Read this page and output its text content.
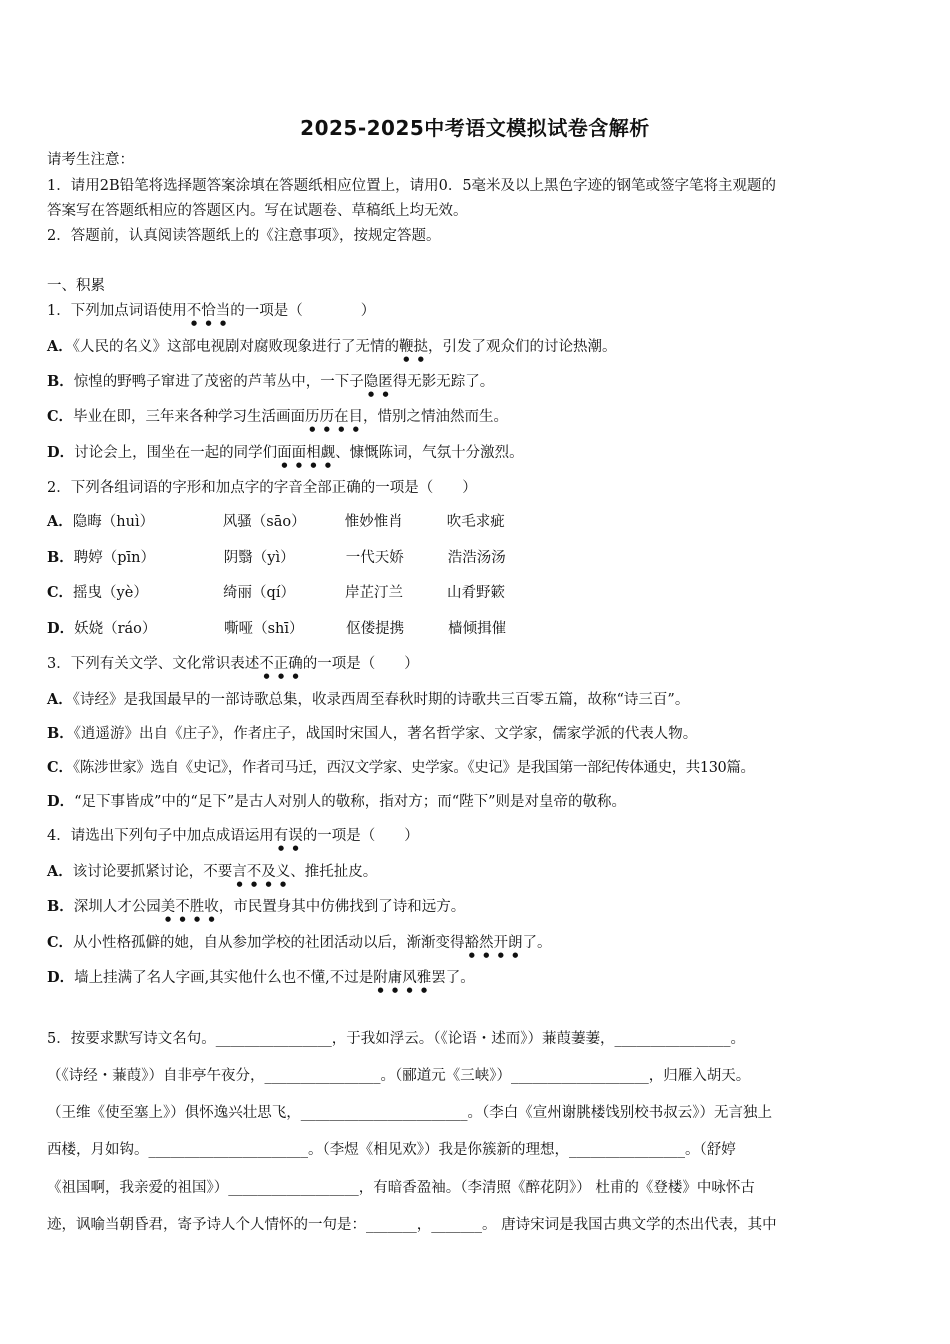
2025-2025中考语文模拟试卷含解析
请考生注意：
1．请用2B铅笔将选择题答案涂填在答题纸相应位置上，请用0．5毫米及以上黑色字迹的钢笔或签字笔将主观题的
答案写在答题纸相应的答题区内。写在试题卷、草稿纸上均无效。
2．答题前，认真阅读答题纸上的《注意事项》，按规定答题。
一、积累
1．下列加点词语使用不恰当的一项是（　　　　）
A．《人民的名义》这部电视剧对腐败现象进行了无情的鞭挞，引发了观众们的讨论热潮。
B．惊惶的野鸭子窜进了茂密的芦苇丛中，一下子隐匿得无影无踪了。
C．毕业在即，三年来各种学习生活画面历历在目，惜别之情油然而生。
D．讨论会上，围坐在一起的同学们面面相觑、慷慨陈词，气氛十分激烈。
2．下列各组词语的字形和加点字的字音全部正确的一项是（　　）
A．隐晦（huì）	风骚（sāo）	惟妙惟肖	吹毛求疵
B．聘婷（pīn）	阴翳（yì）	一代天娇	浩浩汤汤
C．摇曳（yè）	绮丽（qí）	岸芷汀兰	山肴野簌
D．妖娆（ráo）	嘶哑（shī）	伛偻提携	樯倾揖催
3．下列有关文学、文化常识表述不正确的一项是（　　）
A．《诗经》是我国最早的一部诗歌总集，收录西周至春秋时期的诗歌共三百零五篇，故称“诗三百”。
B．《逍遥游》出自《庄子》，作者庄子，战国时宋国人，著名哲学家、文学家，儒家学派的代表人物。
C．《陈涉世家》选自《史记》，作者司马迁，西汉文学家、史学家。《史记》是我国第一部纪传体通史，共130篇。
D．“足下事皆成”中的“足下”是古人对别人的敬称，指对方；而“陛下”则是对皇帝的敬称。
4．请选出下列句子中加点成语运用有误的一项是（　　）
A．该讨论要抓紧讨论，不要言不及义、推托扯皮。
B．深圳人才公园美不胜收，市民置身其中仿佛找到了诗和远方。
C．从小性格孤僻的她，自从参加学校的社团活动以后，渐渐变得豁然开朗了。
D．墙上挂满了名人字画,其实他什么也不懂,不过是附庸风雅罢了。
5．按要求默写诗文名句。________________，于我如浮云。（《论语・述而》）蒹葭萋萋，________________。
（《诗经・蒹葭》）自非亭午夜分，________________。（郦道元《三峡》）___________________，归雁入胡天。
（王维《使至塞上》）俱怀逸兴壮思飞，_______________________。（李白《宣州谢朓楼饯别校书叔云》）无言独上
西楼，月如钩。______________________。（李煜《相见欢》）我是你簇新的理想，________________。（舒婷
《祖国啊，我亲爱的祖国》）__________________，有暗香盈袖。（李清照《醉花阴》） 杜甫的《登楼》中咏怀古
迹，讽喻当朝昏君，寄予诗人个人情怀的一句是：_______，_______。 唐诗宋词是我国古典文学的杰出代表，其中
